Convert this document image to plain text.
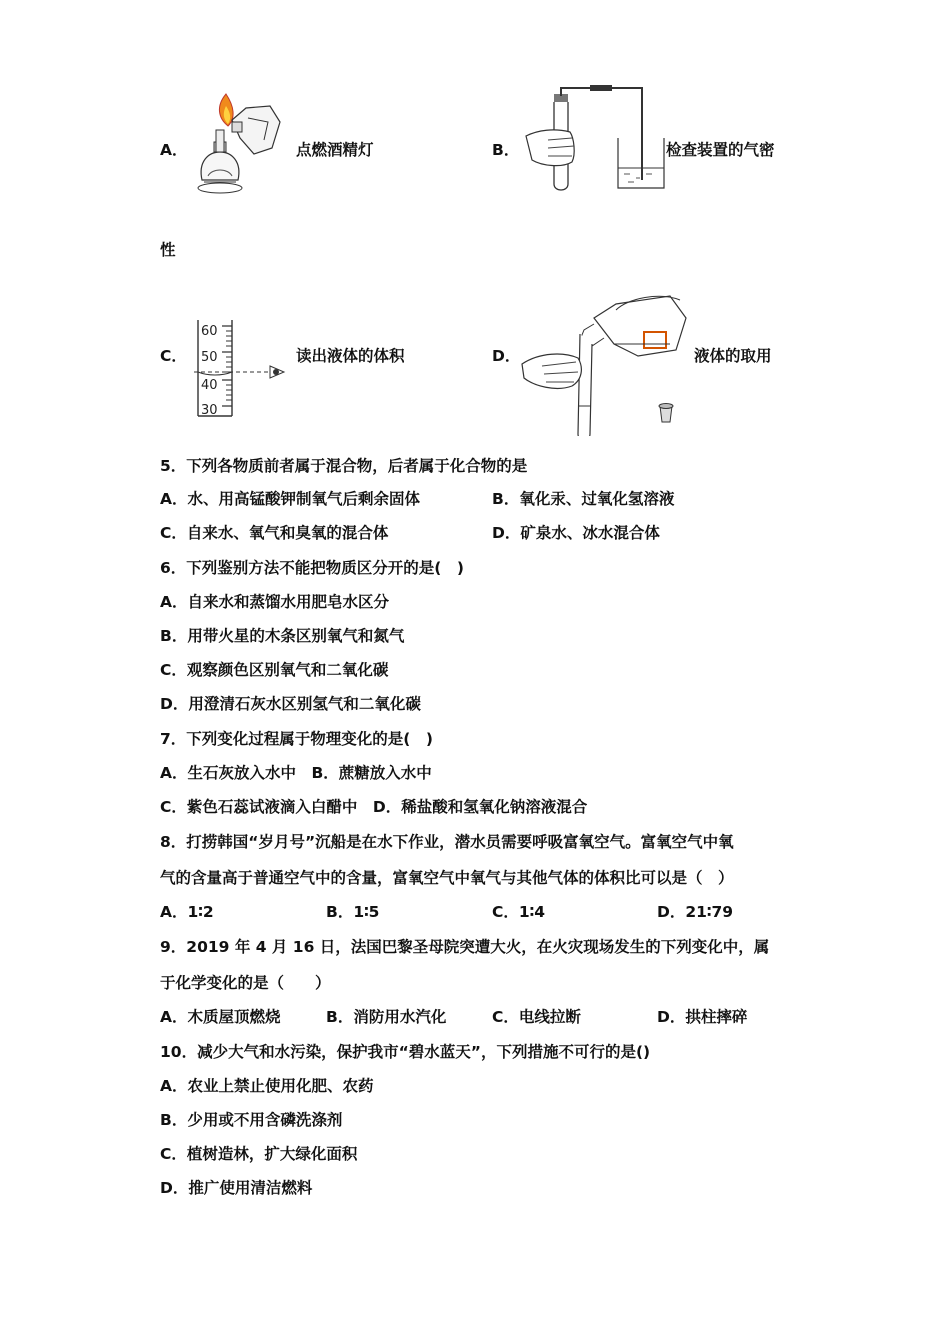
A．	点燃酒精灯	B．	检查装置的气密
性
C．
60
50
40
30
读出液体的体积	D．	液体的取用
5．下列各物质前者属于混合物，后者属于化合物的是
A．水、用高锰酸钾制氧气后剩余固体	B．氧化汞、过氧化氢溶液
C．自来水、氧气和臭氧的混合体	D．矿泉水、冰水混合体
6．下列鉴别方法不能把物质区分开的是(　)
A．自来水和蒸馏水用肥皂水区分
B．用带火星的木条区别氧气和氮气
C．观察颜色区别氧气和二氧化碳
D．用澄清石灰水区别氢气和二氧化碳
7．下列变化过程属于物理变化的是(　)
A．生石灰放入水中　B．蔗糖放入水中
C．紫色石蕊试液滴入白醋中　D．稀盐酸和氢氧化钠溶液混合
8．打捞韩国“岁月号”沉船是在水下作业，潜水员需要呼吸富氧空气。富氧空气中氧
气的含量高于普通空气中的含量，富氧空气中氧气与其他气体的体积比可以是（　）
A．1∶2	B．1∶5	C．1∶4	D．21∶79
9．2019 年 4 月 16 日，法国巴黎圣母院突遭大火，在火灾现场发生的下列变化中，属
于化学变化的是（　　）
A．木质屋顶燃烧	B．消防用水汽化	C．电线拉断	D．拱柱摔碎
10．减少大气和水污染，保护我市“碧水蓝天”，下列措施不可行的是()
A．农业上禁止使用化肥、农药
B．少用或不用含磷洗涤剂
C．植树造林，扩大绿化面积
D．推广使用清洁燃料
